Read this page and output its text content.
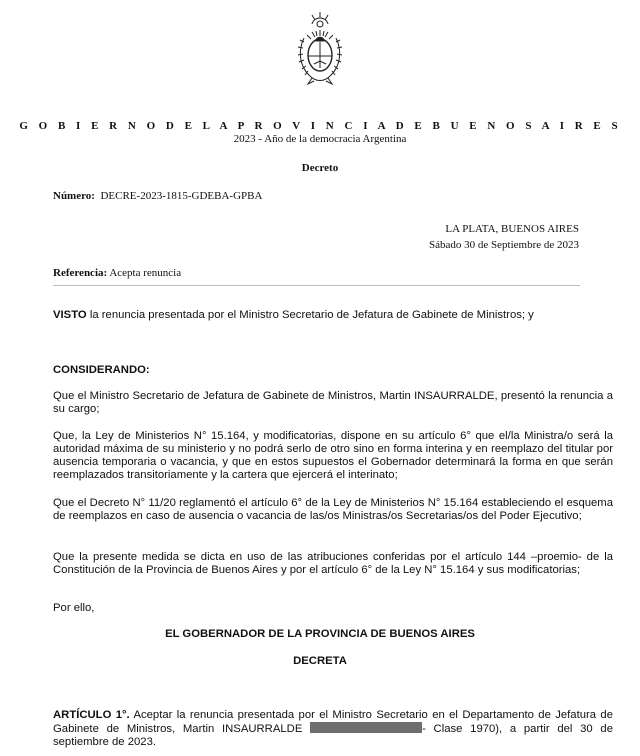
G O B I E R N O D E L A P R O V I N C I A D E B U E N O S A I R E S
2023 - Año de la democracia Argentina
Decreto
Número: DECRE-2023-1815-GDEBA-GPBA
LA PLATA, BUENOS AIRES
Sábado 30 de Septiembre de 2023
Referencia: Acepta renuncia
VISTO la renuncia presentada por el Ministro Secretario de Jefatura de Gabinete de Ministros; y
CONSIDERANDO:
Que el Ministro Secretario de Jefatura de Gabinete de Ministros, Martin INSAURRALDE, presentó la renuncia a su cargo;
Que, la Ley de Ministerios N° 15.164, y modificatorias, dispone en su artículo 6° que el/la Ministra/o será la autoridad máxima de su ministerio y no podrá serlo de otro sino en forma interina y en reemplazo del titular por ausencia temporaria o vacancia, y que en estos supuestos el Gobernador determinará la forma en que serán reemplazados transitoriamente y la cartera que ejercerá el interinato;
Que el Decreto N° 11/20 reglamentó el artículo 6° de la Ley de Ministerios N° 15.164 estableciendo el esquema de reemplazos en caso de ausencia o vacancia de las/os Ministras/os Secretarias/os del Poder Ejecutivo;
Que la presente medida se dicta en uso de las atribuciones conferidas por el artículo 144 –proemio- de la Constitución de la Provincia de Buenos Aires y por el artículo 6° de la Ley N° 15.164 y sus modificatorias;
Por ello,
EL GOBERNADOR DE LA PROVINCIA DE BUENOS AIRES
DECRETA
ARTÍCULO 1°. Aceptar la renuncia presentada por el Ministro Secretario en el Departamento de Jefatura de Gabinete de Ministros, Martin INSAURRALDE	- Clase 1970), a partir del 30 de septiembre de 2023.
